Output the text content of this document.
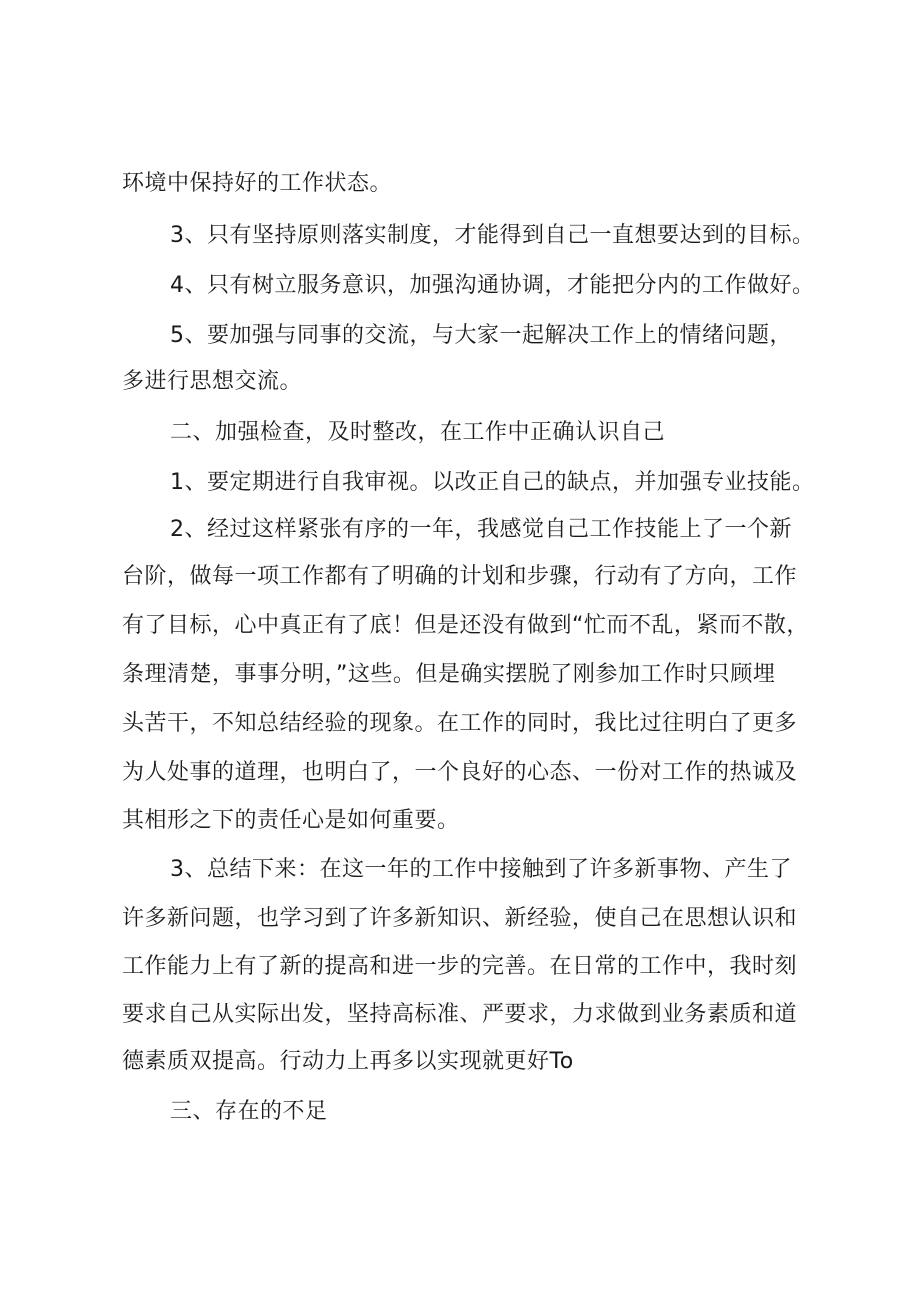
环境中保持好的工作状态。

3、只有坚持原则落实制度，才能得到自己一直想要达到的目标。

4、只有树立服务意识，加强沟通协调，才能把分内的工作做好。

5、要加强与同事的交流，与大家一起解决工作上的情绪问题，

多进行思想交流。

二、加强检查，及时整改，在工作中正确认识自己

1、要定期进行自我审视。以改正自己的缺点，并加强专业技能。

2、经过这样紧张有序的一年，我感觉自己工作技能上了一个新

台阶，做每一项工作都有了明确的计划和步骤，行动有了方向，工作

有了目标，心中真正有了底！但是还没有做到“忙而不乱，紧而不散，

条理清楚，事事分明，”这些。但是确实摆脱了刚参加工作时只顾埋

头苦干，不知总结经验的现象。在工作的同时，我比过往明白了更多

为人处事的道理，也明白了，一个良好的心态、一份对工作的热诚及

其相形之下的责任心是如何重要。

3、总结下来：在这一年的工作中接触到了许多新事物、产生了

许多新问题，也学习到了许多新知识、新经验，使自己在思想认识和

工作能力上有了新的提高和进一步的完善。在日常的工作中，我时刻

要求自己从实际出发，坚持高标准、严要求，力求做到业务素质和道

德素质双提高。行动力上再多以实现就更好To

三、存在的不足
